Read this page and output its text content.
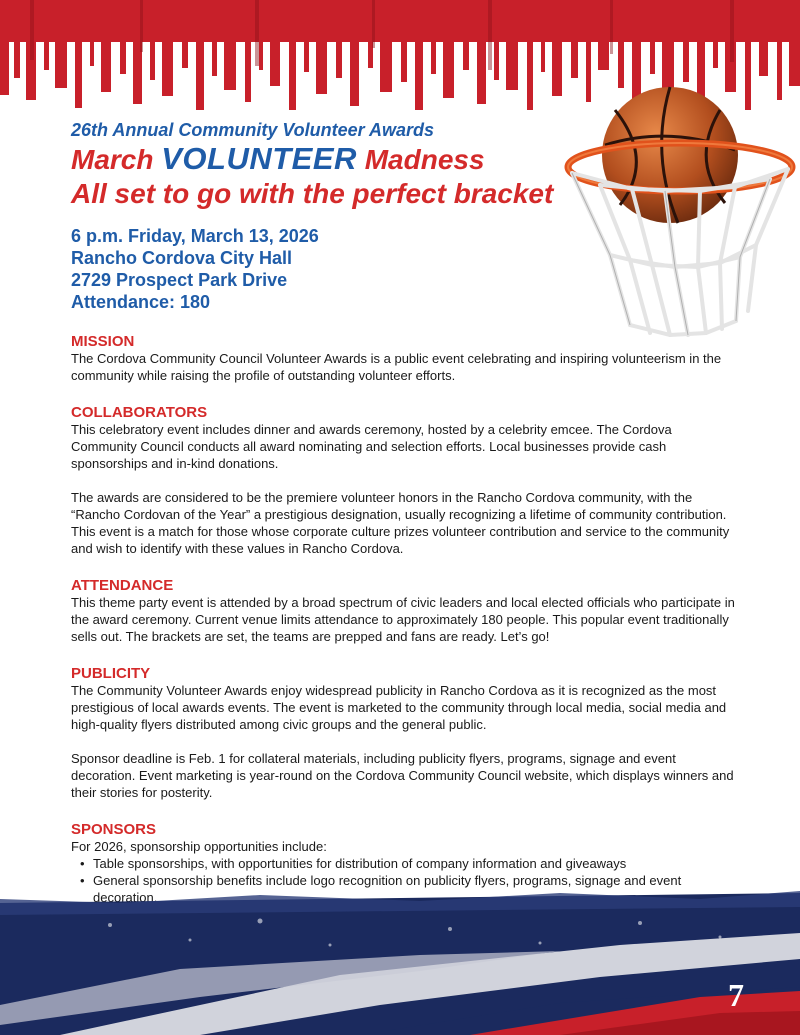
26th Annual Community Volunteer Awards

March VOLUNTEER Madness

All set to go with the perfect bracket

6 p.m. Friday, March 13, 2026

Rancho Cordova City Hall

2729 Prospect Park Drive

Attendance: 180

MISSION

The Cordova Community Council Volunteer Awards is a public event celebrating and inspiring volunteerism in the community while raising the profile of outstanding volunteer efforts.

COLLABORATORS

This celebratory event includes dinner and awards ceremony, hosted by a celebrity emcee. The Cordova Community Council conducts all award nominating and selection efforts. Local businesses provide cash sponsorships and in-kind donations.

The awards are considered to be the premiere volunteer honors in the Rancho Cordova community, with the “Rancho Cordovan of the Year” a prestigious designation, usually recognizing a lifetime of community contribution. This event is a match for those whose corporate culture prizes volunteer contribution and service to the community and wish to identify with these values in Rancho Cordova.

ATTENDANCE

This theme party event is attended by a broad spectrum of civic leaders and local elected officials who participate in the award ceremony. Current venue limits attendance to approximately 180 people. This popular event traditionally sells out. The brackets are set, the teams are prepped and fans are ready. Let’s go!

PUBLICITY

The Community Volunteer Awards enjoy widespread publicity in Rancho Cordova as it is recognized as the most prestigious of local awards events. The event is marketed to the community through local media, social media and high-quality flyers distributed among civic groups and the general public.

Sponsor deadline is Feb. 1 for collateral materials, including publicity flyers, programs, signage and event decoration. Event marketing is year-round on the Cordova Community Council website, which displays winners and their stories for posterity.

SPONSORS

For 2026, sponsorship opportunities include:

• Table sponsorships, with opportunities for distribution of company information and giveaways
• General sponsorship benefits include logo recognition on publicity flyers, programs, signage and event decoration.
7
